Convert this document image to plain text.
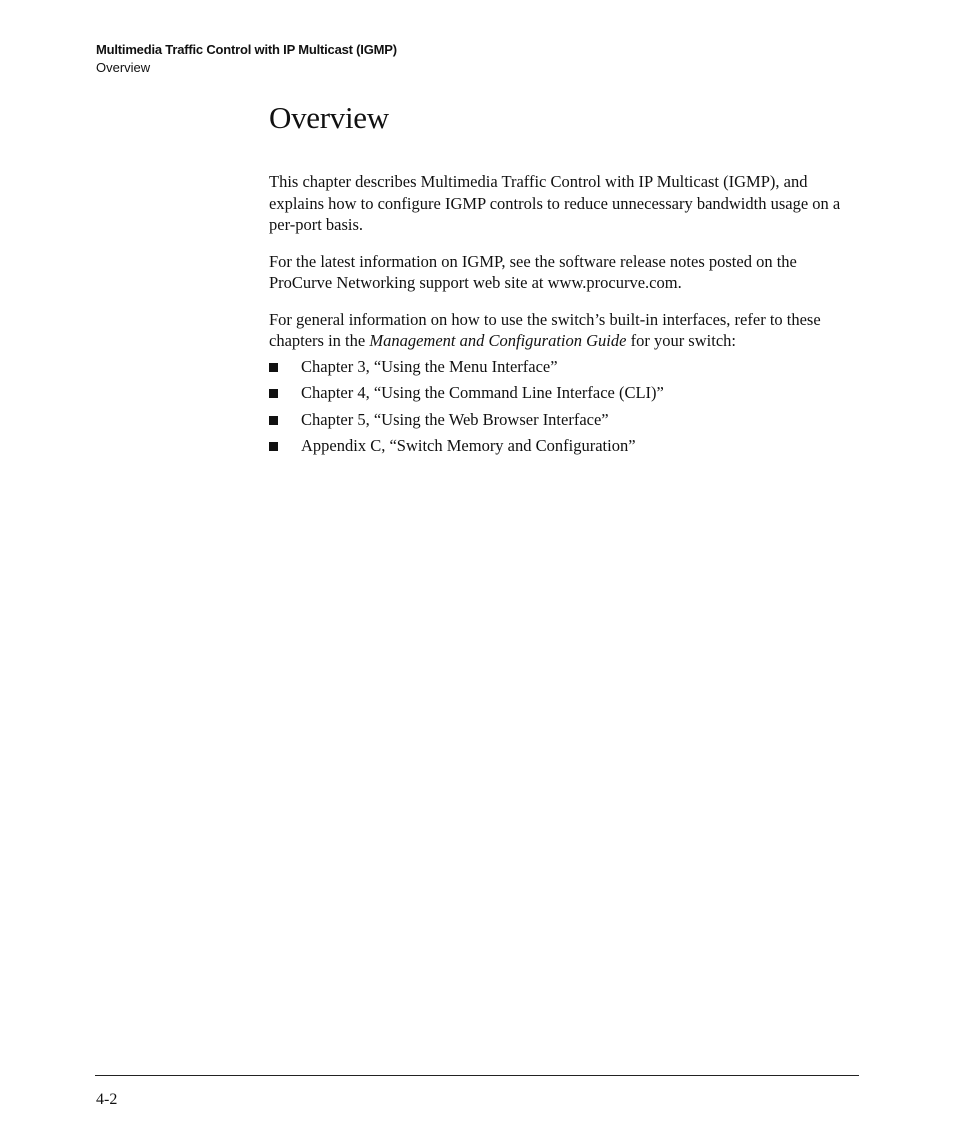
Multimedia Traffic Control with IP Multicast (IGMP)
Overview
Overview

This chapter describes Multimedia Traffic Control with IP Multicast (IGMP), and explains how to configure IGMP controls to reduce unnecessary bandwidth usage on a per-port basis.

For the latest information on IGMP, see the software release notes posted on the ProCurve Networking support web site at www.procurve.com.

For general information on how to use the switch’s built-in interfaces, refer to these chapters in the Management and Configuration Guide for your switch:

Chapter 3, “Using the Menu Interface”
Chapter 4, “Using the Command Line Interface (CLI)”
Chapter 5, “Using the Web Browser Interface”
Appendix C, “Switch Memory and Configuration”
4-2
